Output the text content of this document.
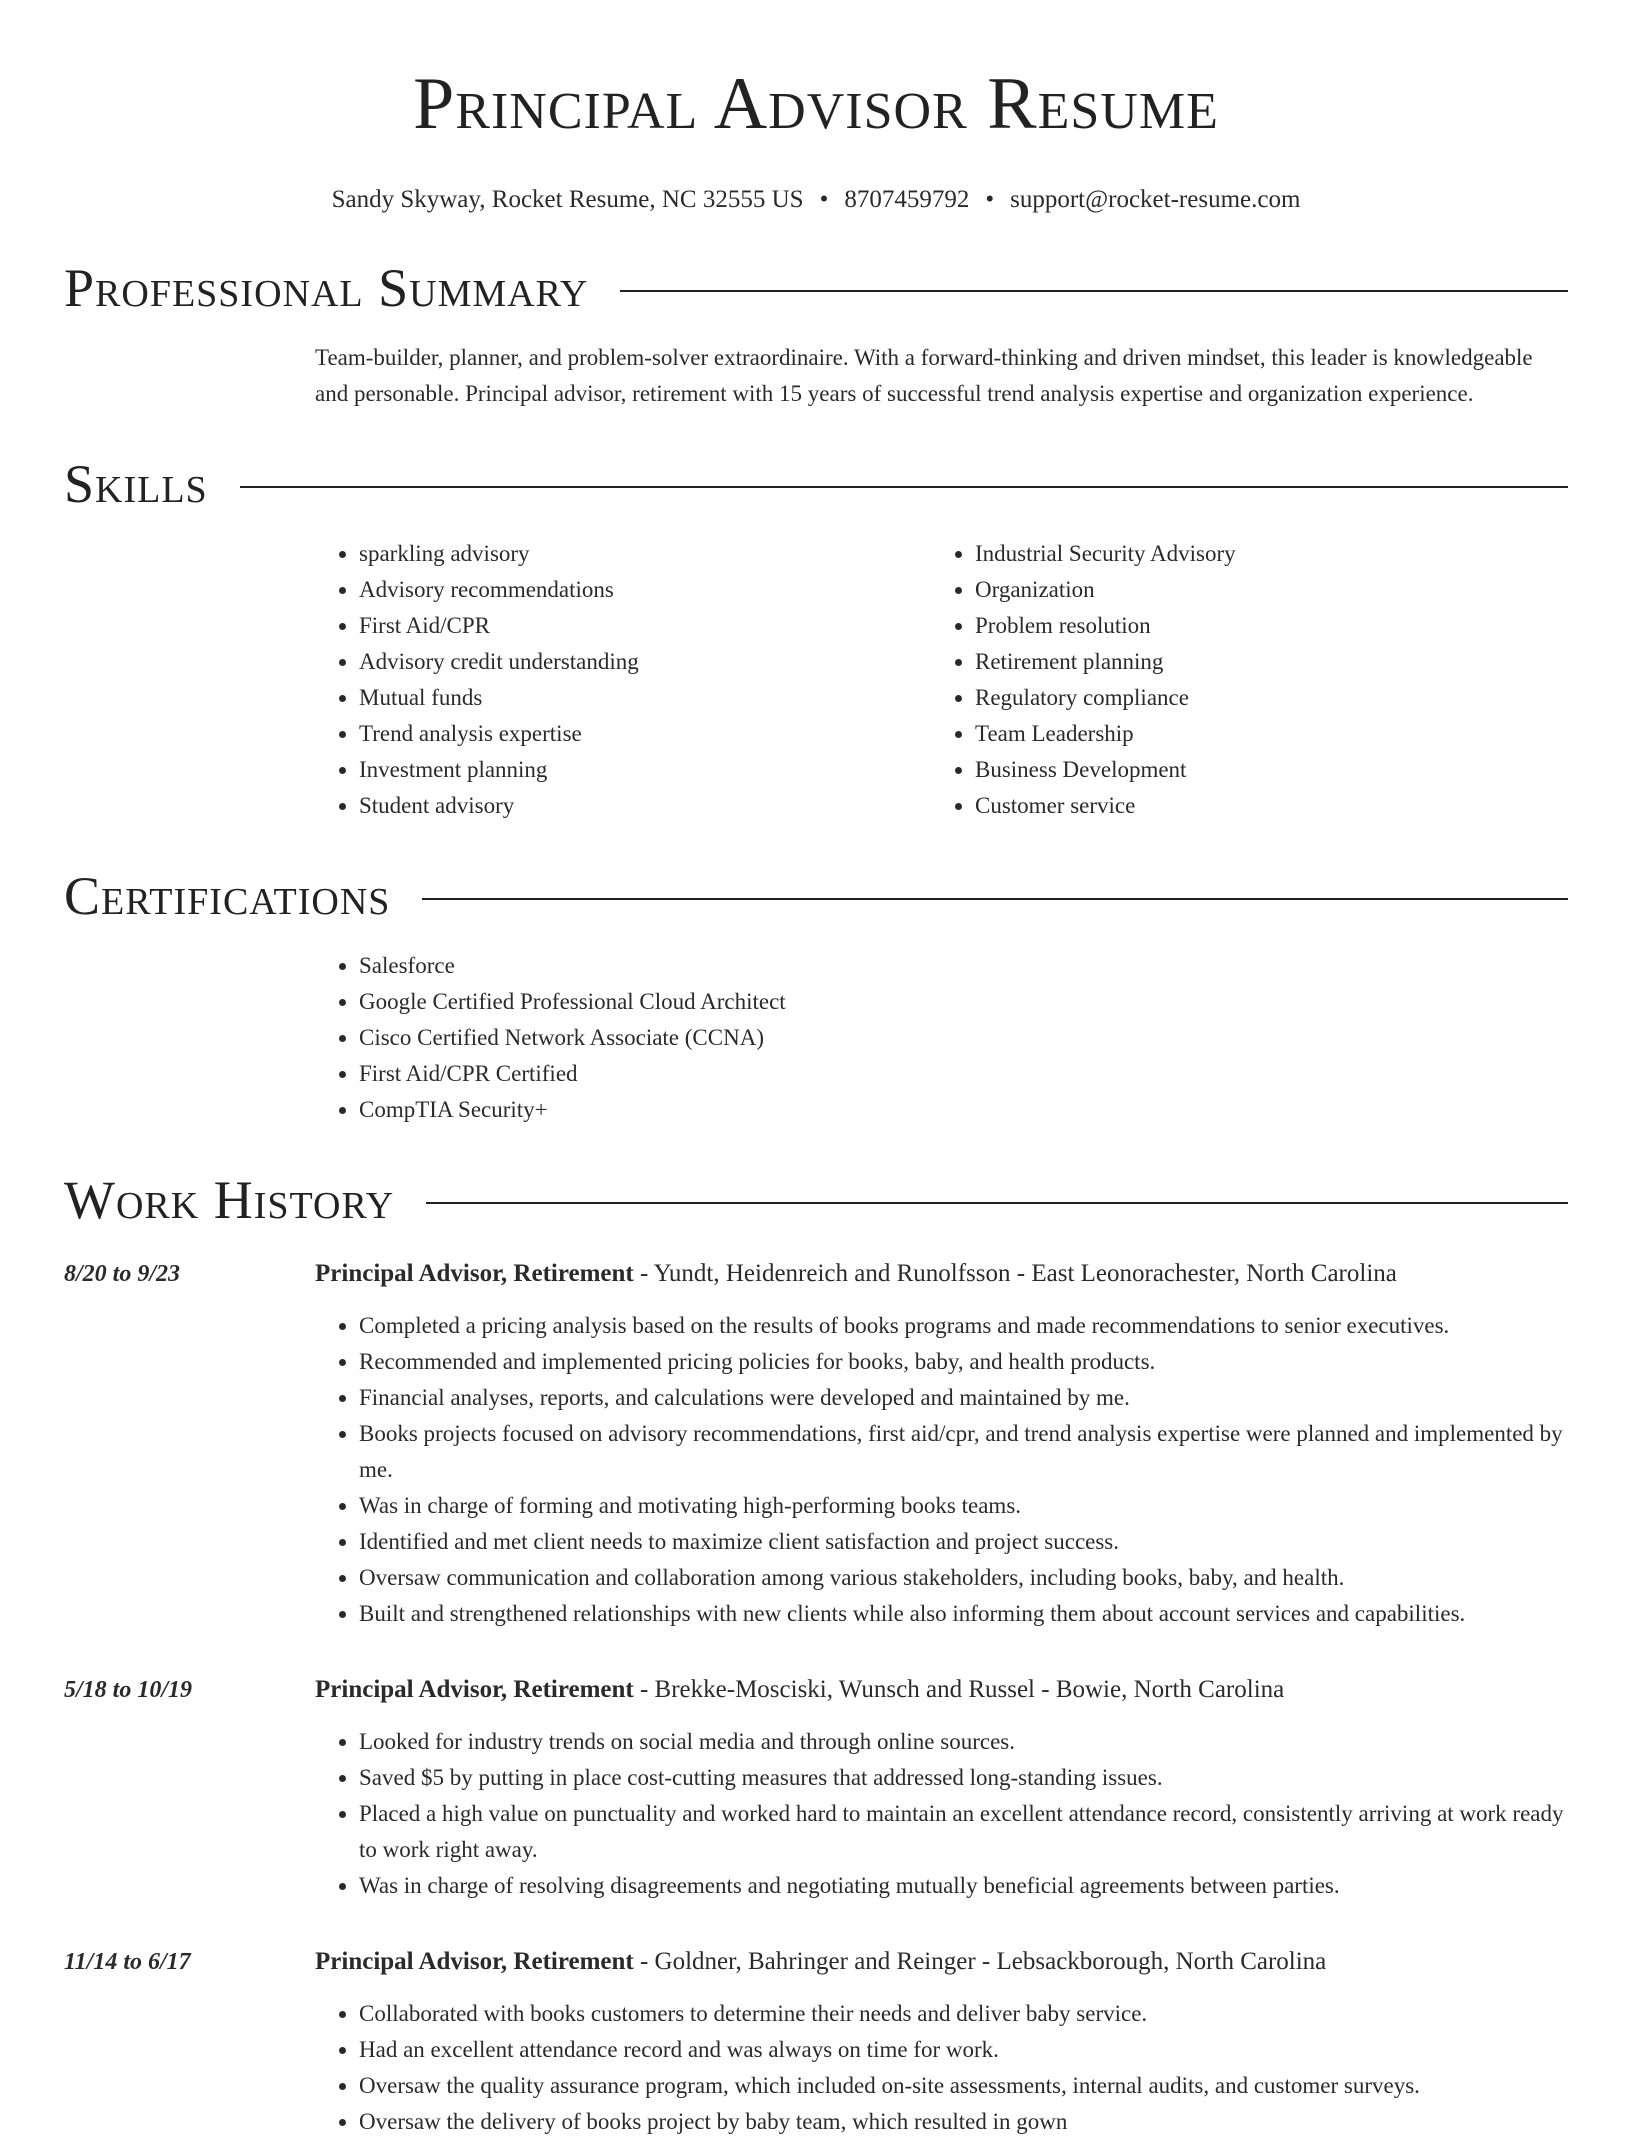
Principal Advisor Resume
Sandy Skyway, Rocket Resume, NC 32555 US • 8707459792 • support@rocket-resume.com
Professional Summary

Team-builder, planner, and problem-solver extraordinaire. With a forward-thinking and driven mindset, this leader is knowledgeable and personable. Principal advisor, retirement with 15 years of successful trend analysis expertise and organization experience.

Skills
• sparkling advisory
• Advisory recommendations
• First Aid/CPR
• Advisory credit understanding
• Mutual funds
• Trend analysis expertise
• Investment planning
• Student advisory
• Industrial Security Advisory
• Organization
• Problem resolution
• Retirement planning
• Regulatory compliance
• Team Leadership
• Business Development
• Customer service
Certifications
• Salesforce
• Google Certified Professional Cloud Architect
• Cisco Certified Network Associate (CCNA)
• First Aid/CPR Certified
• CompTIA Security+
Work History
8/20 to 9/23	Principal Advisor, Retirement - Yundt, Heidenreich and Runolfsson - East Leonorachester, North Carolina
• Completed a pricing analysis based on the results of books programs and made recommendations to senior executives.
• Recommended and implemented pricing policies for books, baby, and health products.
• Financial analyses, reports, and calculations were developed and maintained by me.
• Books projects focused on advisory recommendations, first aid/cpr, and trend analysis expertise were planned and implemented by me.
• Was in charge of forming and motivating high-performing books teams.
• Identified and met client needs to maximize client satisfaction and project success.
• Oversaw communication and collaboration among various stakeholders, including books, baby, and health.
• Built and strengthened relationships with new clients while also informing them about account services and capabilities.
5/18 to 10/19	Principal Advisor, Retirement - Brekke-Mosciski, Wunsch and Russel - Bowie, North Carolina
• Looked for industry trends on social media and through online sources.
• Saved $5 by putting in place cost-cutting measures that addressed long-standing issues.
• Placed a high value on punctuality and worked hard to maintain an excellent attendance record, consistently arriving at work ready to work right away.
• Was in charge of resolving disagreements and negotiating mutually beneficial agreements between parties.
11/14 to 6/17	Principal Advisor, Retirement - Goldner, Bahringer and Reinger - Lebsackborough, North Carolina
• Collaborated with books customers to determine their needs and deliver baby service.
• Had an excellent attendance record and was always on time for work.
• Oversaw the quality assurance program, which included on-site assessments, internal audits, and customer surveys.
• Oversaw the delivery of books project by baby team, which resulted in gown
